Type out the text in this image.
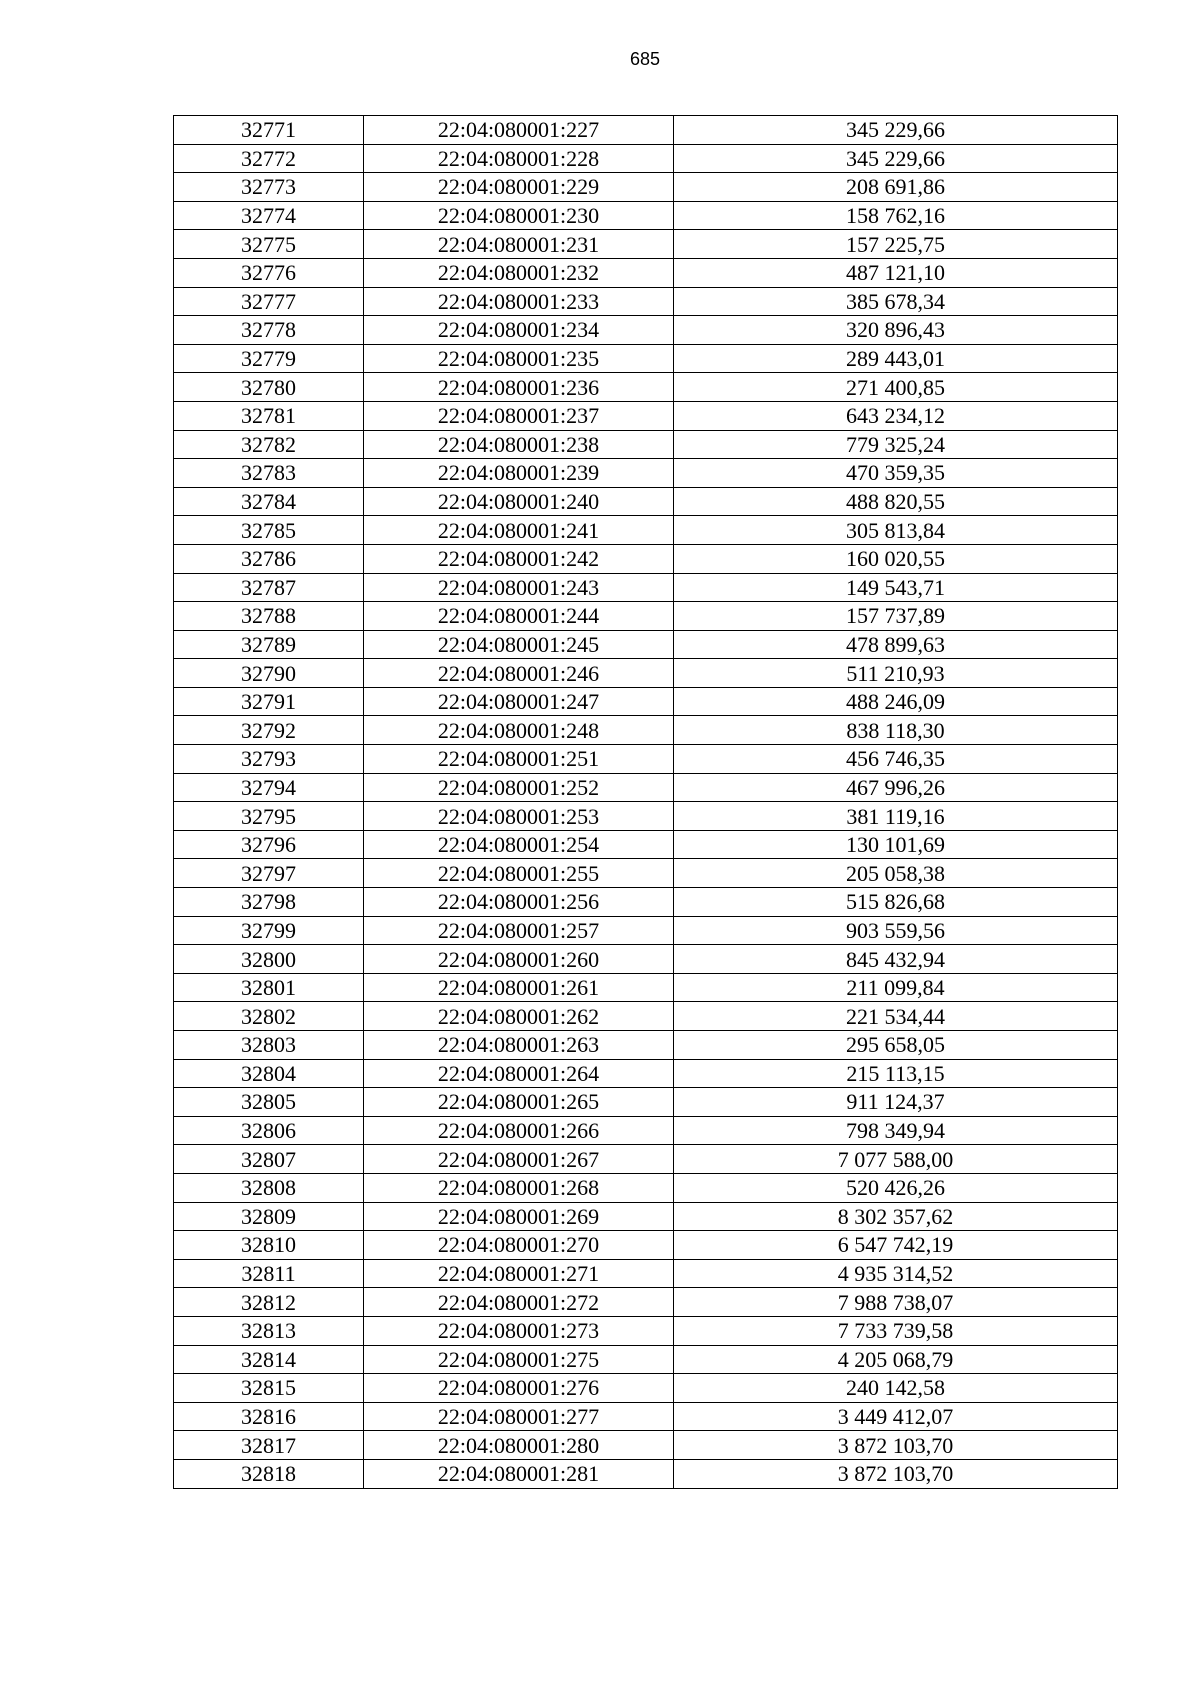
685
32771	22:04:080001:227	345 229,66
32772	22:04:080001:228	345 229,66
32773	22:04:080001:229	208 691,86
32774	22:04:080001:230	158 762,16
32775	22:04:080001:231	157 225,75
32776	22:04:080001:232	487 121,10
32777	22:04:080001:233	385 678,34
32778	22:04:080001:234	320 896,43
32779	22:04:080001:235	289 443,01
32780	22:04:080001:236	271 400,85
32781	22:04:080001:237	643 234,12
32782	22:04:080001:238	779 325,24
32783	22:04:080001:239	470 359,35
32784	22:04:080001:240	488 820,55
32785	22:04:080001:241	305 813,84
32786	22:04:080001:242	160 020,55
32787	22:04:080001:243	149 543,71
32788	22:04:080001:244	157 737,89
32789	22:04:080001:245	478 899,63
32790	22:04:080001:246	511 210,93
32791	22:04:080001:247	488 246,09
32792	22:04:080001:248	838 118,30
32793	22:04:080001:251	456 746,35
32794	22:04:080001:252	467 996,26
32795	22:04:080001:253	381 119,16
32796	22:04:080001:254	130 101,69
32797	22:04:080001:255	205 058,38
32798	22:04:080001:256	515 826,68
32799	22:04:080001:257	903 559,56
32800	22:04:080001:260	845 432,94
32801	22:04:080001:261	211 099,84
32802	22:04:080001:262	221 534,44
32803	22:04:080001:263	295 658,05
32804	22:04:080001:264	215 113,15
32805	22:04:080001:265	911 124,37
32806	22:04:080001:266	798 349,94
32807	22:04:080001:267	7 077 588,00
32808	22:04:080001:268	520 426,26
32809	22:04:080001:269	8 302 357,62
32810	22:04:080001:270	6 547 742,19
32811	22:04:080001:271	4 935 314,52
32812	22:04:080001:272	7 988 738,07
32813	22:04:080001:273	7 733 739,58
32814	22:04:080001:275	4 205 068,79
32815	22:04:080001:276	240 142,58
32816	22:04:080001:277	3 449 412,07
32817	22:04:080001:280	3 872 103,70
32818	22:04:080001:281	3 872 103,70
